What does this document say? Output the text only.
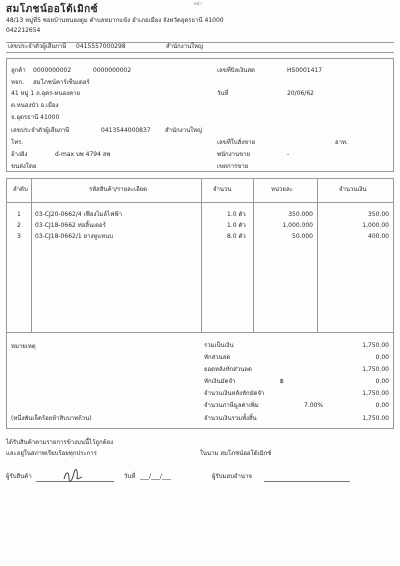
หน้า
สมโภชน์ออโต้เมิกซ์
48/13 หมู่ที่5 ซอยบ้านหนองตูม ตำบลหมากแข้ง อำเภอเมือง จังหวัดอุดรธานี 41000
042212654
เลขประจำตัวผู้เสียภาษี 0415557000298	สำนักงานใหญ่
ลูกค้า 0000000002	0000000002
หจก. สมโภชน์คาร์เซ็นเตอร์
41 หมู่ 1 ถ.อุดร-หนองคาย
ต.หนองบัว อ.เมือง
จ.อุดรธานี 41000
เลขประจำตัวผู้เสียภาษี	0413544000837 สำนักงานใหญ่
โทร.
อ้างอิง	d-max บพ 4794 ลพ
ขนส่งโดย
เลขที่บิลเงินสด	HS0001417
วันที่	20/06/62
เลขที่ใบสั่งขาย	อาท.
พนักงานขาย	-
เขตการขาย
ลำดับ	รหัสสินค้า/รายละเอียด	จำนวน	หน่วยละ	จำนวนเงิน
1 03-CJ20-0662/4 เฟืองไมล์ไฟฟ้า	1.0 ตัว	350.000	350.00
2 03-CJ18-0662 ท่อลิ้นเตอร์	1.0 ตัว	1,000.000	1,000.00
3 03-CJ18-0662/1 ยางหูแหนบ	8.0 ตัว	50.000	400.00
หมายเหตุ
(หนึ่งพันเจ็ดร้อยห้าสิบบาทถ้วน)
รวมเป็นเงิน	1,750.00
หักส่วนลด	0.00
ยอดหลังหักส่วนลด	1,750.00
หักเงินมัดจำ	฿	0.00
จำนวนเงินหลังหักมัดจำ	1,750.00
จำนวนภาษีมูลค่าเพิ่ม	7.00%	0.00
จำนวนเงินรวมทั้งสิ้น	1,750.00
ได้รับสินค้าตามรายการข้างบนนี้ไว้ถูกต้อง
และอยู่ในสภาพเรียบร้อยทุกประการ	ในนาม สมโภชน์ออโต้เมิกซ์
ผู้รับสินค้า	วันที่ ___/___/___	ผู้รับมอบอำนาจ
